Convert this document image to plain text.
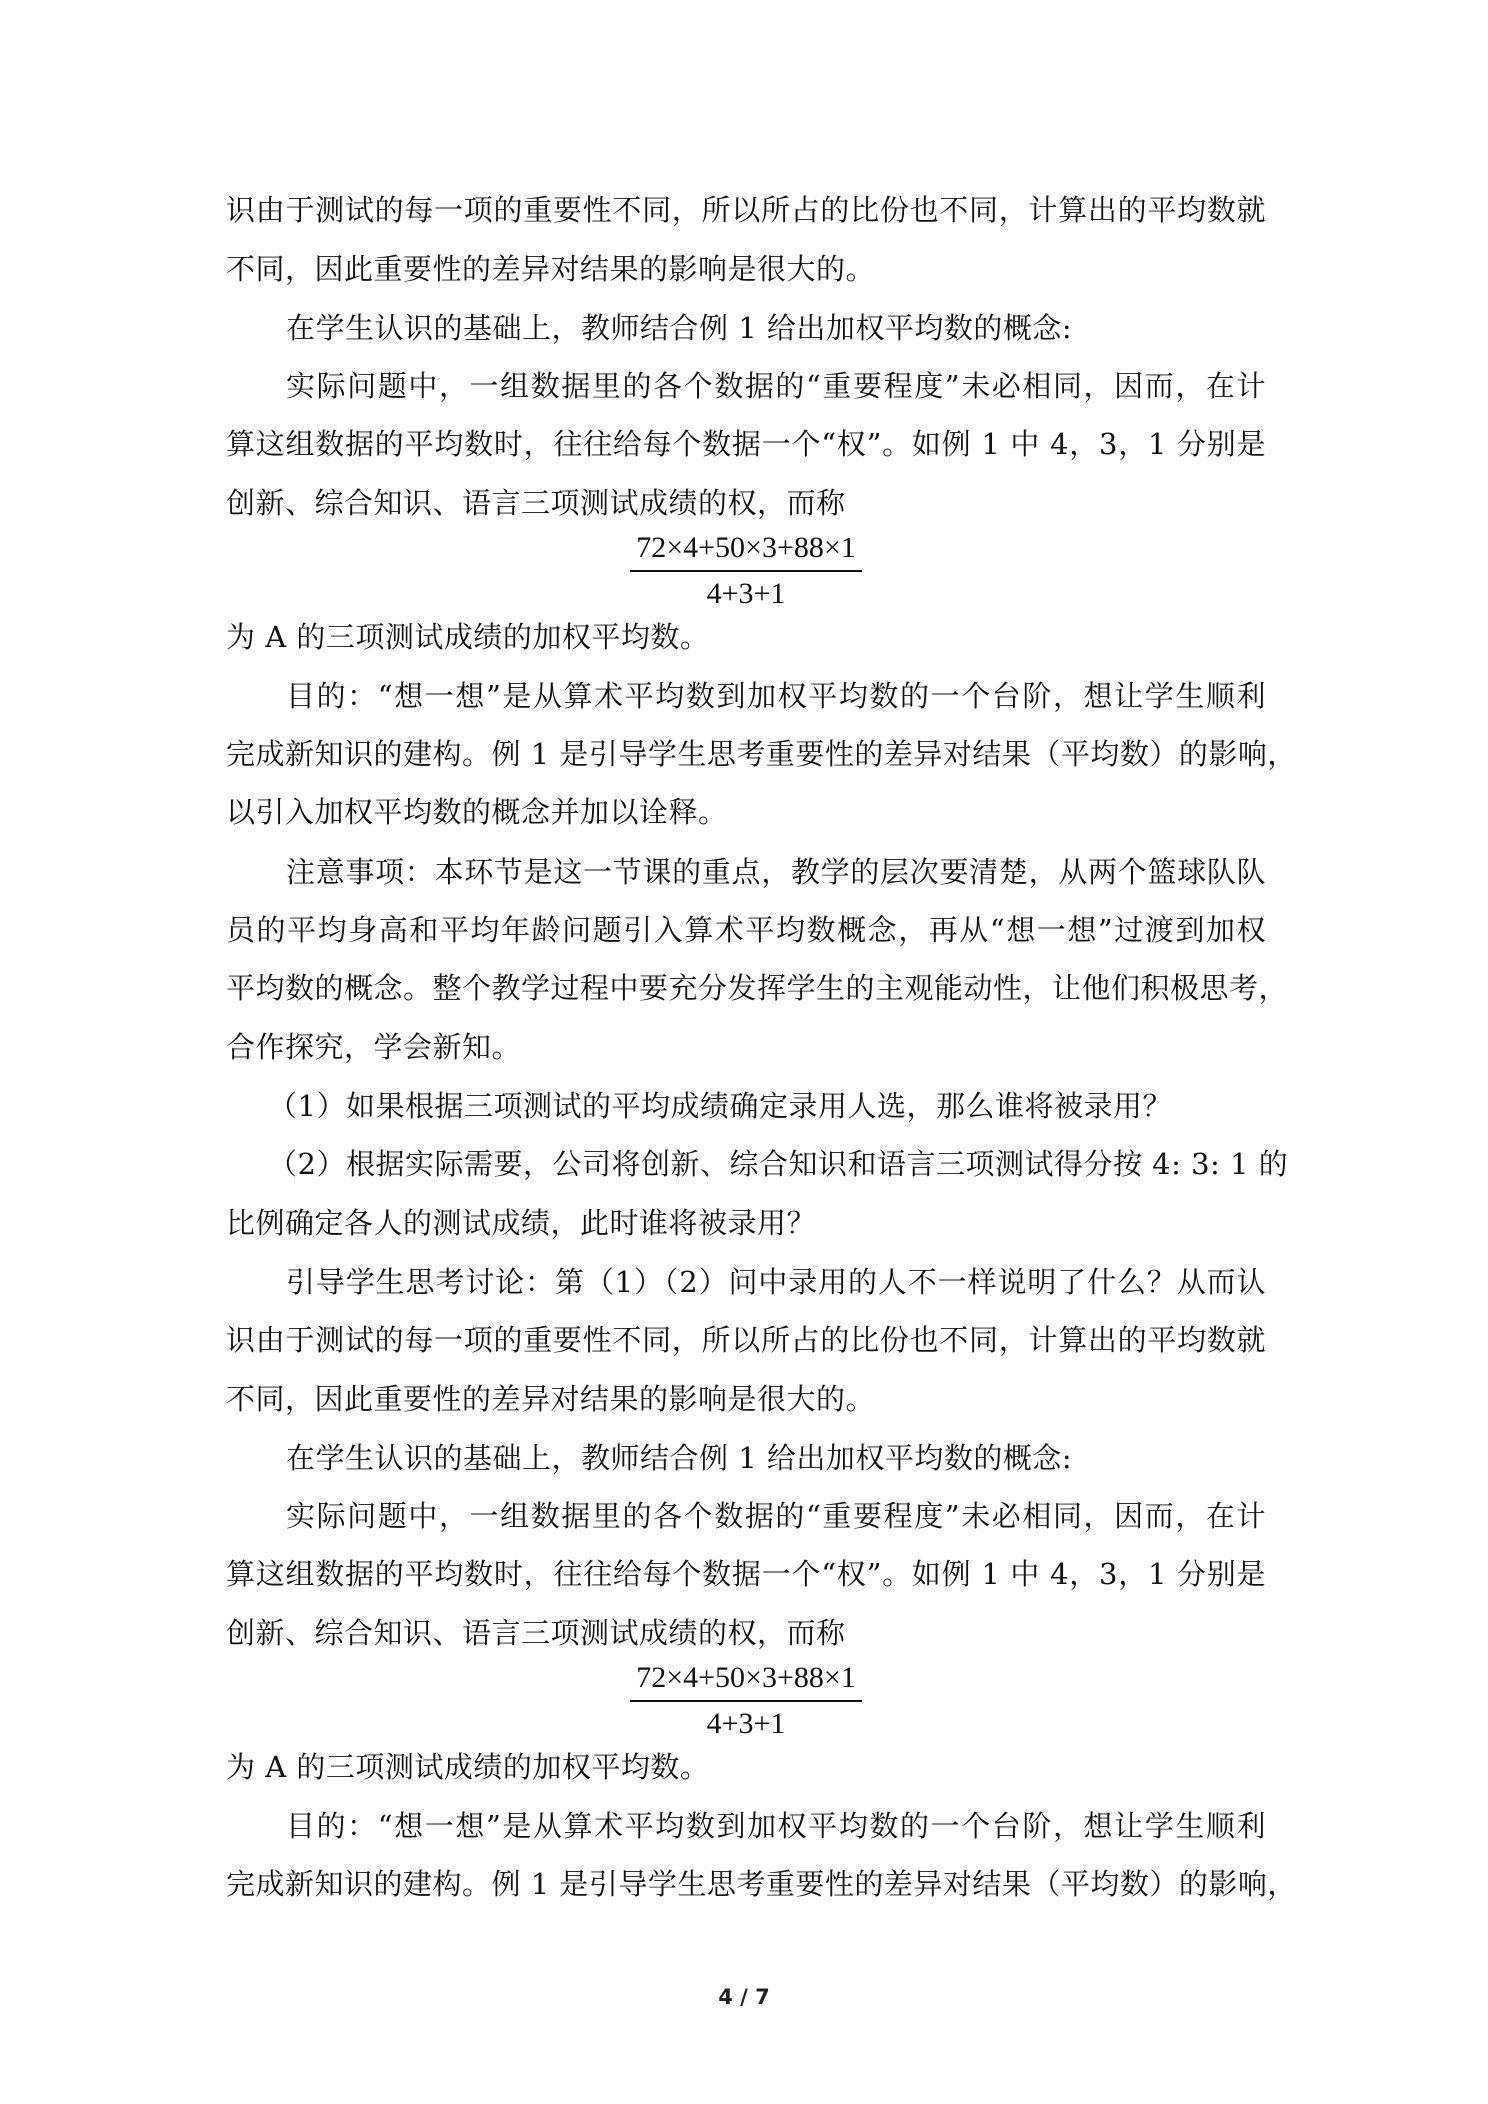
识由于测试的每一项的重要性不同，所以所占的比份也不同，计算出的平均数就
不同，因此重要性的差异对结果的影响是很大的。
在学生认识的基础上，教师结合例 1 给出加权平均数的概念:
实际问题中，一组数据里的各个数据的“重要程度”未必相同，因而，在计
算这组数据的平均数时，往往给每个数据一个“权”。如例 1 中 4，3，1 分别是
创新、综合知识、语言三项测试成绩的权，而称
$\frac{72\times 4+50\times 3+88\times 1}{4+3+1}$
为 A 的三项测试成绩的加权平均数。
目的：“想一想”是从算术平均数到加权平均数的一个台阶，想让学生顺利
完成新知识的建构。例 1 是引导学生思考重要性的差异对结果（平均数）的影响，
以引入加权平均数的概念并加以诠释。
注意事项：本环节是这一节课的重点，教学的层次要清楚，从两个篮球队队
员的平均身高和平均年龄问题引入算术平均数概念，再从“想一想”过渡到加权
平均数的概念。整个教学过程中要充分发挥学生的主观能动性，让他们积极思考，
合作探究，学会新知。
（1）如果根据三项测试的平均成绩确定录用人选，那么谁将被录用？
（2）根据实际需要，公司将创新、综合知识和语言三项测试得分按 4: 3: 1 的
比例确定各人的测试成绩，此时谁将被录用？
引导学生思考讨论：第（1）（2）问中录用的人不一样说明了什么？从而认
识由于测试的每一项的重要性不同，所以所占的比份也不同，计算出的平均数就
不同，因此重要性的差异对结果的影响是很大的。
在学生认识的基础上，教师结合例 1 给出加权平均数的概念:
实际问题中，一组数据里的各个数据的“重要程度”未必相同，因而，在计
算这组数据的平均数时，往往给每个数据一个“权”。如例 1 中 4，3，1 分别是
创新、综合知识、语言三项测试成绩的权，而称
$\frac{72\times 4+50\times 3+88\times 1}{4+3+1}$
为 A 的三项测试成绩的加权平均数。
目的：“想一想”是从算术平均数到加权平均数的一个台阶，想让学生顺利
完成新知识的建构。例 1 是引导学生思考重要性的差异对结果（平均数）的影响，
4 / 7
